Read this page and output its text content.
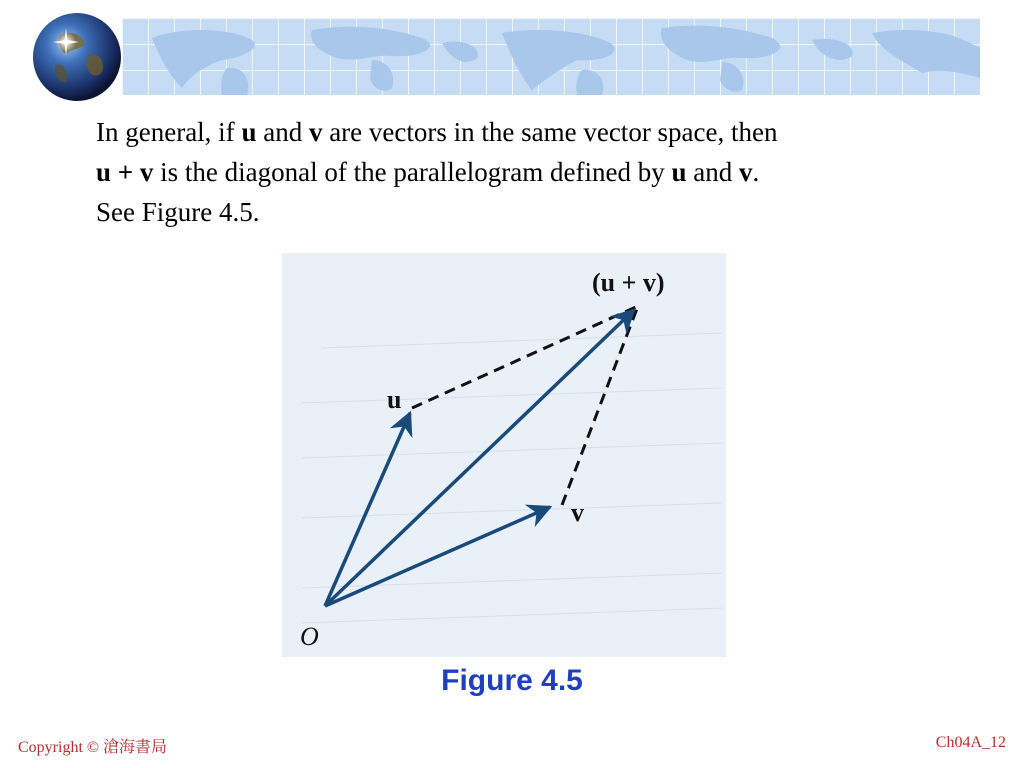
In general, if u and v are vectors in the same vector space, then
u + v is the diagonal of the parallelogram defined by u and v.
See Figure 4.5.
(u + v)
u
v
O
Figure 4.5
Copyright © 滄海書局	Ch04A_12
